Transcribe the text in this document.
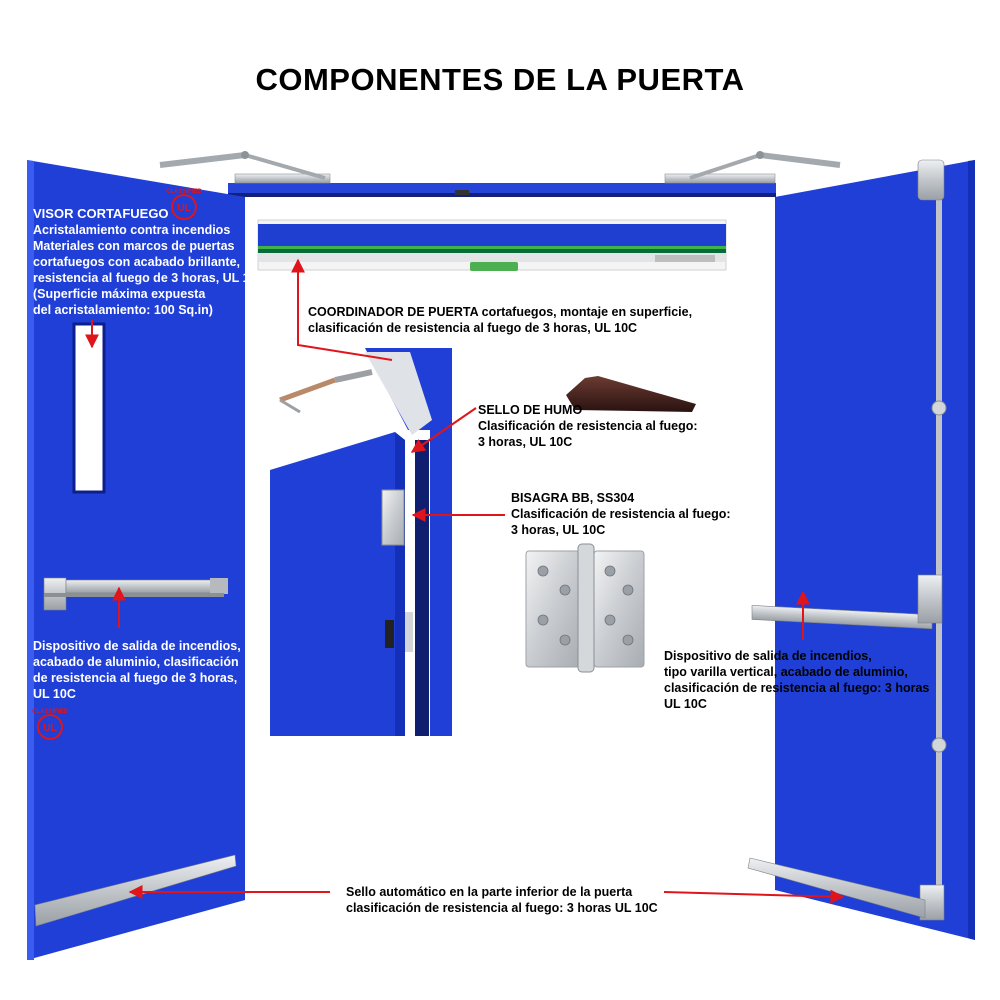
COMPONENTES DE LA PUERTA
UL
CLASSIFIED
UL
CLASSIFIED
VISOR CORTAFUEGO
Acristalamiento contra incendios
Materiales con marcos de puertas
cortafuegos con acabado brillante,
resistencia al fuego de 3 horas, UL 10C
(Superficie máxima expuesta
del acristalamiento: 100 Sq.in)	COORDINADOR DE PUERTA cortafuegos, montaje en superficie,
clasificación de resistencia al fuego de 3 horas, UL 10C
SELLO DE HUMO
Clasificación de resistencia al fuego:
3 horas, UL 10C
BISAGRA BB, SS304
Clasificación de resistencia al fuego:
3 horas, UL 10C
Dispositivo de salida de incendios,
acabado de aluminio, clasificación
de resistencia al fuego de 3 horas,
UL 10C
Dispositivo de salida de incendios,
tipo varilla vertical, acabado de aluminio,
clasificación de resistencia al fuego: 3 horas
UL 10C
Sello automático en la parte inferior de la puerta
clasificación de resistencia al fuego: 3 horas UL 10C
